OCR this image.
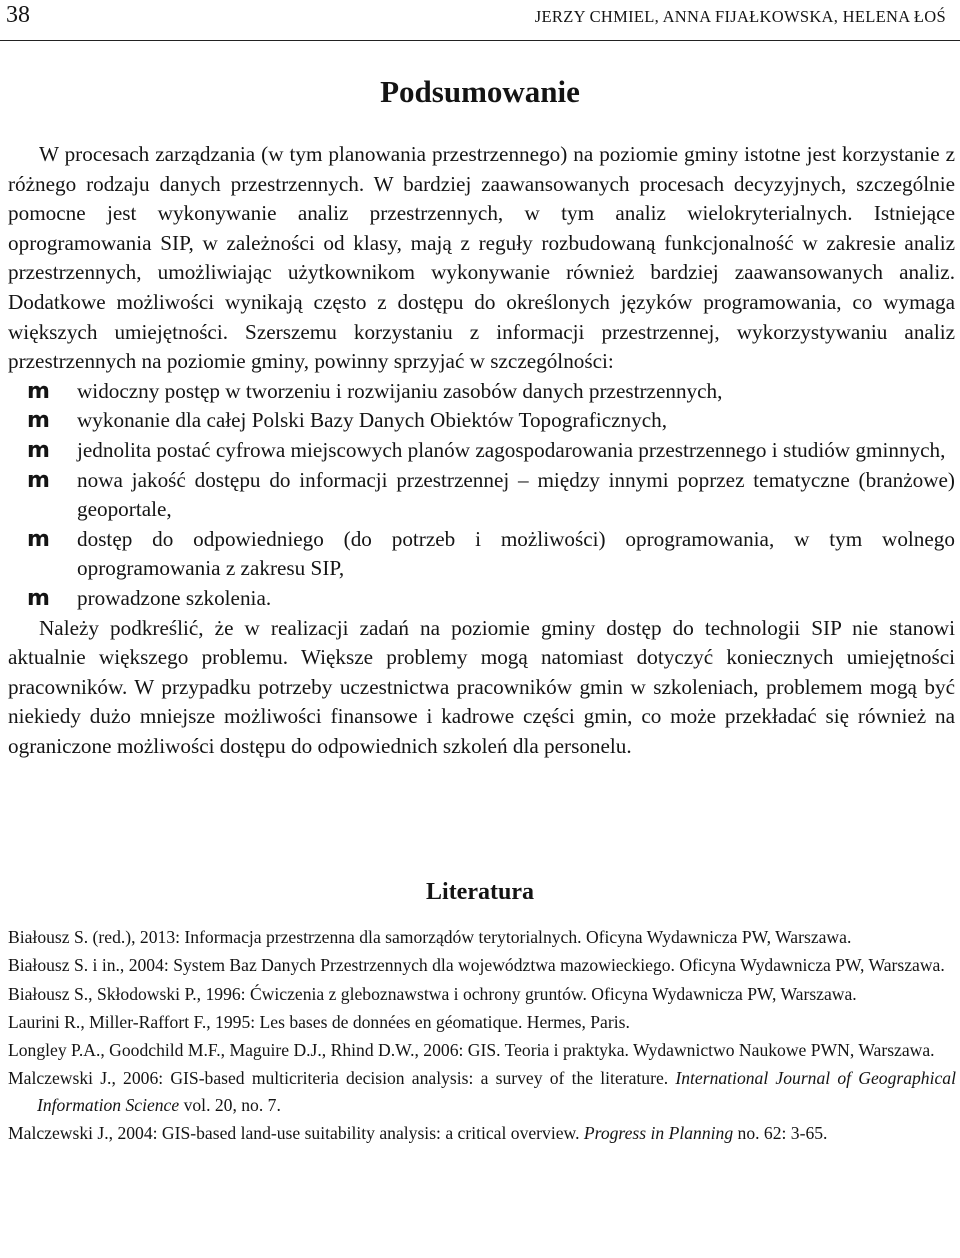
38	JERZY CHMIEL, ANNA FIJAŁKOWSKA, HELENA ŁOŚ
Podsumowanie

W procesach zarządzania (w tym planowania przestrzennego) na poziomie gminy istotne jest korzystanie z różnego rodzaju danych przestrzennych. W bardziej zaawansowanych procesach decyzyjnych, szczególnie pomocne jest wykonywanie analiz przestrzennych, w tym analiz wielokryterialnych. Istniejące oprogramowania SIP, w zależności od klasy, mają z reguły rozbudowaną funkcjonalność w zakresie analiz przestrzennych, umożliwiając użytkownikom wykonywanie również bardziej zaawansowanych analiz. Dodatkowe możliwości wynikają często z dostępu do określonych języków programowania, co wymaga większych umiejętności. Szerszemu korzystaniu z informacji przestrzennej, wykorzystywaniu analiz przestrzennych na poziomie gminy, powinny sprzyjać w szczególności:

m widoczny postęp w tworzeniu i rozwijaniu zasobów danych przestrzennych,
m wykonanie dla całej Polski Bazy Danych Obiektów Topograficznych,
m jednolita postać cyfrowa miejscowych planów zagospodarowania przestrzennego i studiów gminnych,
m nowa jakość dostępu do informacji przestrzennej – między innymi poprzez tematyczne (branżowe) geoportale,
m dostęp do odpowiedniego (do potrzeb i możliwości) oprogramowania, w tym wolnego oprogramowania z zakresu SIP,
m prowadzone szkolenia.

Należy podkreślić, że w realizacji zadań na poziomie gminy dostęp do technologii SIP nie stanowi aktualnie większego problemu. Większe problemy mogą natomiast dotyczyć koniecznych umiejętności pracowników. W przypadku potrzeby uczestnictwa pracowników gmin w szkoleniach, problemem mogą być niekiedy dużo mniejsze możliwości finansowe i kadrowe części gmin, co może przekładać się również na ograniczone możliwości dostępu do odpowiednich szkoleń dla personelu.

Literatura
Białousz S. (red.), 2013: Informacja przestrzenna dla samorządów terytorialnych. Oficyna Wydawnicza PW, Warszawa.
Białousz S. i in., 2004: System Baz Danych Przestrzennych dla województwa mazowieckiego. Oficyna Wydawnicza PW, Warszawa.
Białousz S., Skłodowski P., 1996: Ćwiczenia z gleboznawstwa i ochrony gruntów. Oficyna Wydawnicza PW, Warszawa.
Laurini R., Miller-Raffort F., 1995: Les bases de données en géomatique. Hermes, Paris.
Longley P.A., Goodchild M.F., Maguire D.J., Rhind D.W., 2006: GIS. Teoria i praktyka. Wydawnictwo Naukowe PWN, Warszawa.
Malczewski J., 2006: GIS-based multicriteria decision analysis: a survey of the literature. International Journal of Geographical Information Science vol. 20, no. 7.
Malczewski J., 2004: GIS-based land-use suitability analysis: a critical overview. Progress in Planning no. 62: 3-65.
